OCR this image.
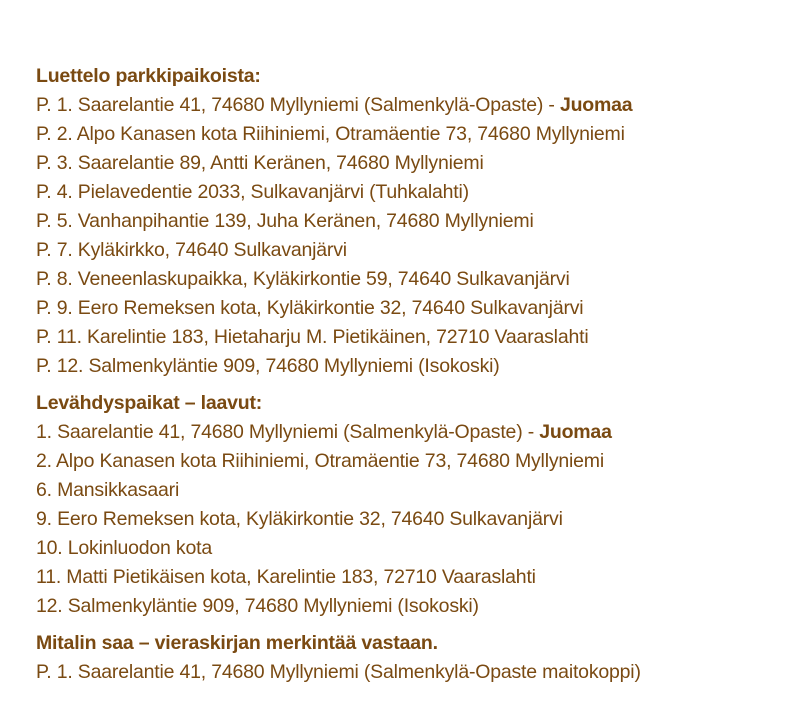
Luettelo parkkipaikoista:
P. 1. Saarelantie 41, 74680 Myllyniemi (Salmenkylä-Opaste) - Juomaa
P. 2. Alpo Kanasen kota Riihiniemi, Otramäentie 73, 74680 Myllyniemi
P. 3. Saarelantie 89, Antti Keränen, 74680 Myllyniemi
P. 4. Pielavedentie 2033, Sulkavanjärvi (Tuhkalahti)
P. 5. Vanhanpihantie 139, Juha Keränen, 74680 Myllyniemi
P. 7. Kyläkirkko, 74640 Sulkavanjärvi
P. 8. Veneenlaskupaikka, Kyläkirkontie 59, 74640 Sulkavanjärvi
P. 9. Eero Remeksen kota, Kyläkirkontie 32, 74640 Sulkavanjärvi
P. 11. Karelintie 183, Hietaharju M. Pietikäinen, 72710 Vaaraslahti
P. 12. Salmenkyläntie 909, 74680 Myllyniemi (Isokoski)
Levähdyspaikat – laavut:
1. Saarelantie 41, 74680 Myllyniemi (Salmenkylä-Opaste) - Juomaa
2. Alpo Kanasen kota Riihiniemi, Otramäentie 73, 74680 Myllyniemi
6. Mansikkasaari
9. Eero Remeksen kota, Kyläkirkontie 32, 74640 Sulkavanjärvi
10. Lokinluodon kota
11. Matti Pietikäisen kota, Karelintie 183, 72710 Vaaraslahti
12. Salmenkyläntie 909, 74680 Myllyniemi (Isokoski)
Mitalin saa – vieraskirjan merkintää vastaan.
P. 1. Saarelantie 41, 74680 Myllyniemi (Salmenkylä-Opaste maitokoppi)
